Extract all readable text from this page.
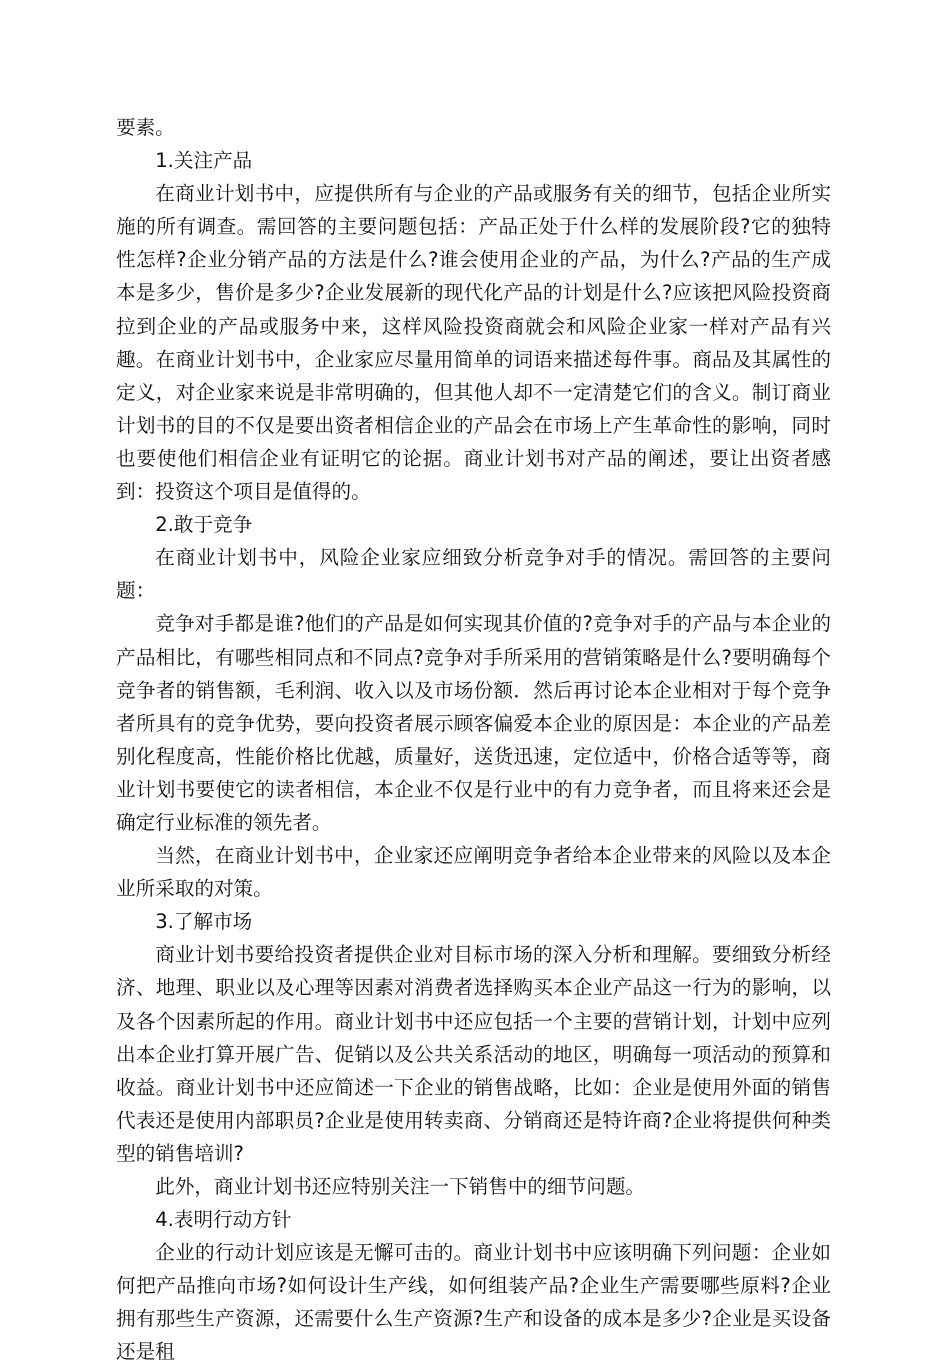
要素。

1.关注产品

在商业计划书中，应提供所有与企业的产品或服务有关的细节，包括企业所实施的所有调查。需回答的主要问题包括：产品正处于什么样的发展阶段?它的独特性怎样?企业分销产品的方法是什么?谁会使用企业的产品，为什么?产品的生产成本是多少，售价是多少?企业发展新的现代化产品的计划是什么?应该把风险投资商拉到企业的产品或服务中来，这样风险投资商就会和风险企业家一样对产品有兴趣。在商业计划书中，企业家应尽量用简单的词语来描述每件事。商品及其属性的定义，对企业家来说是非常明确的，但其他人却不一定清楚它们的含义。制订商业计划书的目的不仅是要出资者相信企业的产品会在市场上产生革命性的影响，同时也要使他们相信企业有证明它的论据。商业计划书对产品的阐述，要让出资者感到：投资这个项目是值得的。

2.敢于竞争

在商业计划书中，风险企业家应细致分析竞争对手的情况。需回答的主要问题：

竞争对手都是谁?他们的产品是如何实现其价值的?竞争对手的产品与本企业的产品相比，有哪些相同点和不同点?竞争对手所采用的营销策略是什么?要明确每个竞争者的销售额，毛利润、收入以及市场份额．然后再讨论本企业相对于每个竞争者所具有的竞争优势，要向投资者展示顾客偏爱本企业的原因是：本企业的产品差别化程度高，性能价格比优越，质量好，送货迅速，定位适中，价格合适等等，商业计划书要使它的读者相信，本企业不仅是行业中的有力竞争者，而且将来还会是确定行业标准的领先者。

当然，在商业计划书中，企业家还应阐明竞争者给本企业带来的风险以及本企业所采取的对策。

3.了解市场

商业计划书要给投资者提供企业对目标市场的深入分析和理解。要细致分析经济、地理、职业以及心理等因素对消费者选择购买本企业产品这一行为的影响，以及各个因素所起的作用。商业计划书中还应包括一个主要的营销计划，计划中应列出本企业打算开展广告、促销以及公共关系活动的地区，明确每一项活动的预算和收益。商业计划书中还应简述一下企业的销售战略，比如：企业是使用外面的销售代表还是使用内部职员?企业是使用转卖商、分销商还是特许商?企业将提供何种类型的销售培训?

此外，商业计划书还应特别关注一下销售中的细节问题。

4.表明行动方针

企业的行动计划应该是无懈可击的。商业计划书中应该明确下列问题：企业如何把产品推向市场?如何设计生产线，如何组装产品?企业生产需要哪些原料?企业拥有那些生产资源，还需要什么生产资源?生产和设备的成本是多少?企业是买设备还是租
